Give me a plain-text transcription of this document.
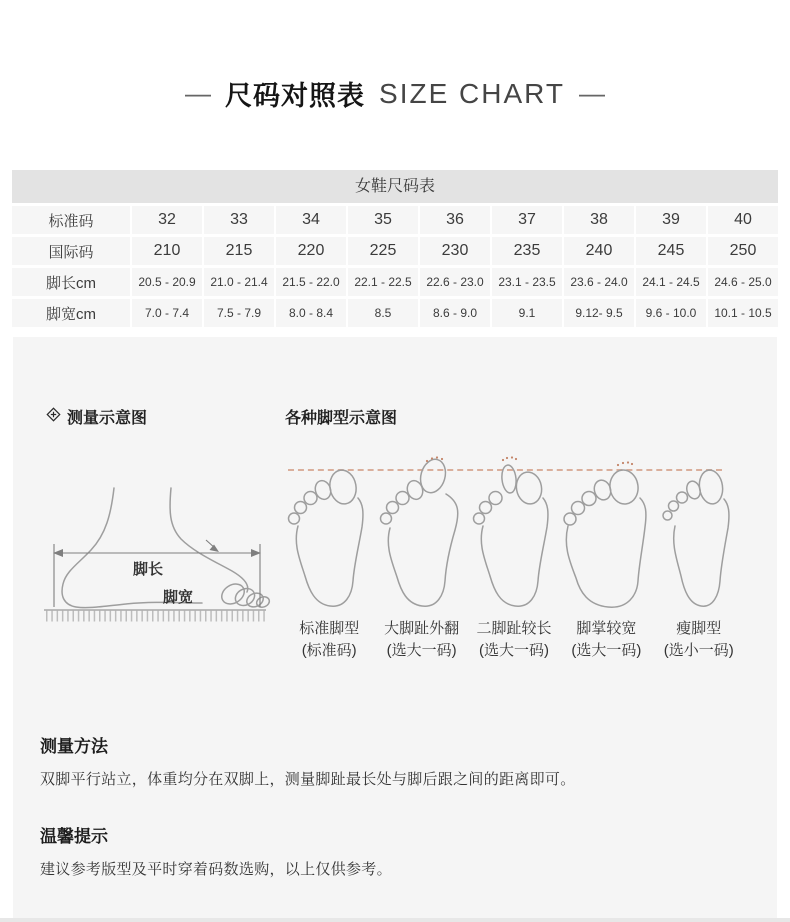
— 尺码对照表 SIZE CHART —
女鞋尺码表
标准码	32	33	34	35	36	37	38	39	40
国际码	210	215	220	225	230	235	240	245	250
脚长cm	20.5 - 20.9	21.0 - 21.4	21.5 - 22.0	22.1 - 22.5	22.6 - 23.0	23.1 - 23.5	23.6 - 24.0	24.1 - 24.5	24.6 - 25.0
脚宽cm	7.0 - 7.4	7.5 - 7.9	8.0 - 8.4	8.5	8.6 - 9.0	9.1	9.12- 9.5	9.6 - 10.0	10.1 - 10.5
测量示意图	各种脚型示意图
脚长
脚宽
标准脚型
(标准码)
大脚趾外翻
(选大一码)
二脚趾较长
(选大一码)
脚掌较宽
(选大一码)
瘦脚型
(选小一码)
测量方法

双脚平行站立，体重均分在双脚上，测量脚趾最长处与脚后跟之间的距离即可。

温馨提示

建议参考版型及平时穿着码数选购，以上仅供参考。
